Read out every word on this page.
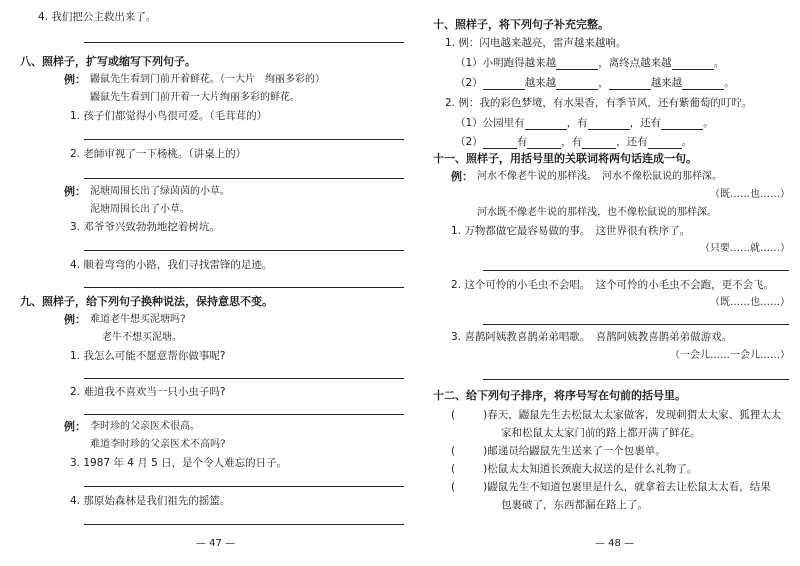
4. 我们把公主救出来了。
八、照样子，扩写或缩写下列句子。
例： 鼹鼠先生看到门前开着鲜花。（一大片　绚丽多彩的）
鼹鼠先生看到门前开着一大片绚丽多彩的鲜花。
1. 孩子们都觉得小鸟很可爱。（毛茸茸的）
2. 老師审视了一下杨桃。（讲桌上的）
例： 泥塘周围长出了绿茵茵的小草。
泥塘周围长出了小草。
3. 邓爷爷兴致勃勃地挖着树坑。
4. 顺着弯弯的小路，我们寻找雷锋的足迹。
九、照样子，给下列句子换种说法，保持意思不变。
例： 难道老牛想买泥塘吗?
老牛不想买泥塘。
1. 我怎么可能不愿意帮你做事呢?
2. 难道我不喜欢当一只小虫子吗?
例： 李时珍的父亲医术很高。
难道李时珍的父亲医术不高吗?
3. 1987 年 4 月 5 日，是个令人难忘的日子。
4. 那原始森林是我们祖先的摇篮。
— 47 —
十、照样子，将下列句子补充完整。
1. 例：闪电越来越亮，雷声越来越响。
（1）小明跑得越来越	，离终点越来越	。
（2）	越来越	，	越来越	。
2. 例：我的彩色梦境，有水果香，有季节风，还有紫葡萄的叮咛。
（1）公园里有	，有	，还有	。
（2）	有	，有	，还有	。
十一、照样子，用括号里的关联词将两句话连成一句。
例： 河水不像老牛说的那样浅。　河水不像松鼠说的那样深。
（既……也……）
河水既不像老牛说的那样浅，也不像松鼠说的那样深。
1. 万物都做它最容易做的事。　这世界很有秩序了。
（只要……就……）
2. 这个可怜的小毛虫不会唱。　这个可怜的小毛虫不会跑，更不会飞。
（既……也……）
3. 喜鹊阿姨教喜鹊弟弟唱歌。　喜鹊阿姨教喜鹊弟弟做游戏。
（一会儿……一会儿……）
十二、给下列句子排序，将序号写在句前的括号里。
(	)春天，鼹鼠先生去松鼠太太家做客，发现刺猬太太家、狐狸太太
家和松鼠太太家门前的路上都开满了鲜花。
(	)邮递员给鼹鼠先生送来了一个包裹单。
(	)松鼠太太知道长颈鹿大叔送的是什么礼物了。
(	)鼹鼠先生不知道包裹里是什么，就拿着去让松鼠太太看，结果
包裹破了，东西都漏在路上了。
— 48 —
